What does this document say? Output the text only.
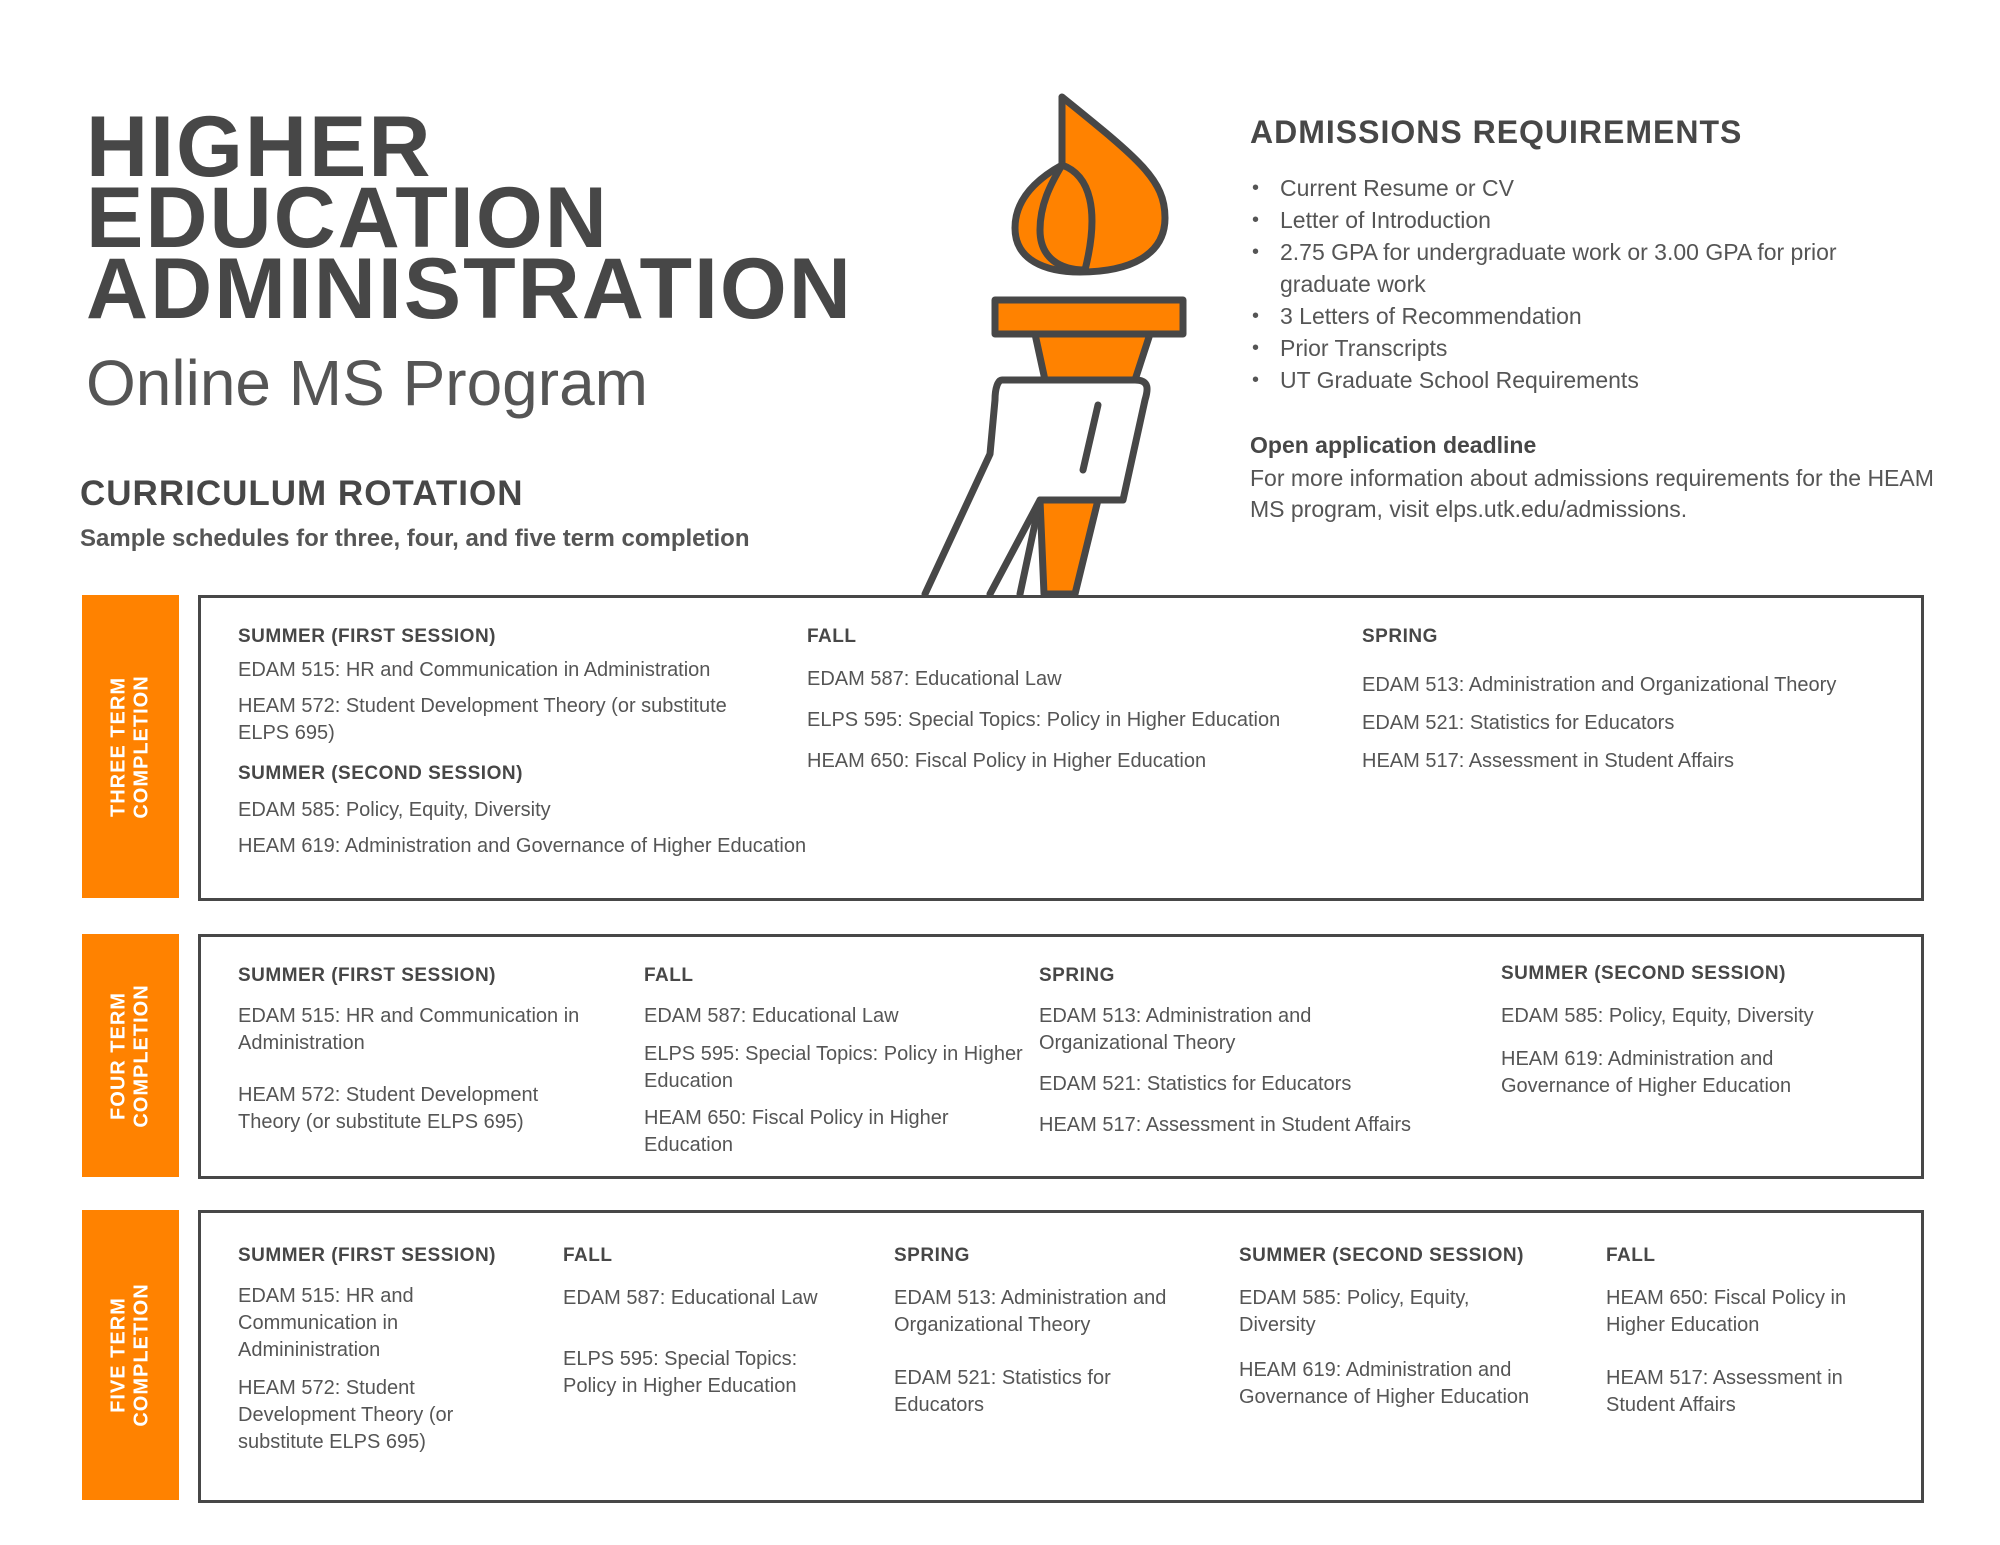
HIGHER
EDUCATION
ADMINISTRATION
Online MS Program
CURRICULUM ROTATION
Sample schedules for three, four, and five term completion
ADMISSIONS REQUIREMENTS
• Current Resume or CV
• Letter of Introduction
• 2.75 GPA for undergraduate work or 3.00 GPA for prior graduate work
• 3 Letters of Recommendation
• Prior Transcripts
• UT Graduate School Requirements
Open application deadline
For more information about admissions requirements for the HEAM MS program, visit elps.utk.edu/admissions.
THREE TERM COMPLETION
SUMMER (FIRST SESSION)
EDAM 515: HR and Communication in Administration
HEAM 572: Student Development Theory (or substitute ELPS 695)
SUMMER (SECOND SESSION)
EDAM 585: Policy, Equity, Diversity
HEAM 619: Administration and Governance of Higher Education
FALL
EDAM 587: Educational Law
ELPS 595: Special Topics: Policy in Higher Education
HEAM 650: Fiscal Policy in Higher Education
SPRING
EDAM 513: Administration and Organizational Theory
EDAM 521: Statistics for Educators
HEAM 517: Assessment in Student Affairs
FOUR TERM COMPLETION
SUMMER (FIRST SESSION)
EDAM 515: HR and Communication in Administration
HEAM 572: Student Development Theory (or substitute ELPS 695)
FALL
EDAM 587: Educational Law
ELPS 595: Special Topics: Policy in Higher Education
HEAM 650: Fiscal Policy in Higher Education
SPRING
EDAM 513: Administration and Organizational Theory
EDAM 521: Statistics for Educators
HEAM 517: Assessment in Student Affairs
SUMMER (SECOND SESSION)
EDAM 585: Policy, Equity, Diversity
HEAM 619: Administration and Governance of Higher Education
FIVE TERM COMPLETION
SUMMER (FIRST SESSION)
EDAM 515: HR and Communication in Admininistration
HEAM 572: Student Development Theory (or substitute ELPS 695)
FALL
EDAM 587: Educational Law
ELPS 595: Special Topics: Policy in Higher Education
SPRING
EDAM 513: Administration and Organizational Theory
EDAM 521: Statistics for Educators
SUMMER (SECOND SESSION)
EDAM 585: Policy, Equity, Diversity
HEAM 619: Administration and Governance of Higher Education
FALL
HEAM 650: Fiscal Policy in Higher Education
HEAM 517: Assessment in Student Affairs
